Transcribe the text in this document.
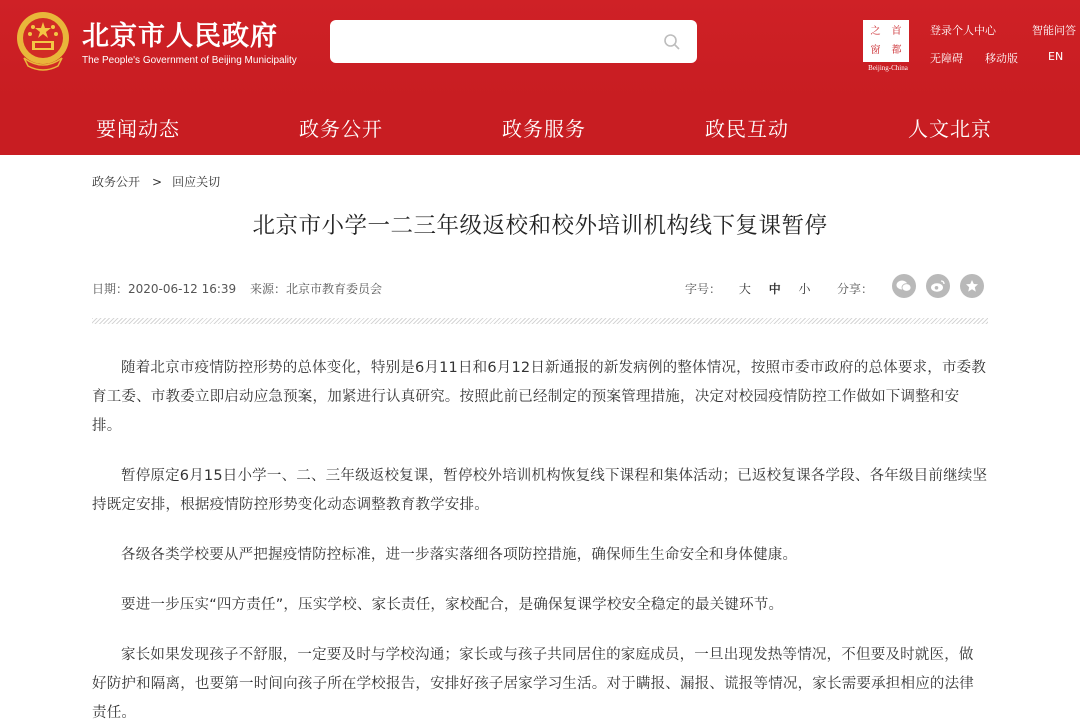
北京市人民政府
The People's Government of Beijing Municipality
之	首
窗	都
Beijing-China
登录个人中心	智能问答
无障碍 移动版	EN
要闻动态	政务公开	政务服务	政民互动	人文北京
政务公开 > 回应关切
北京市小学一二三年级返校和校外培训机构线下复课暂停
日期：2020-06-12 16:39 来源：北京市教育委员会	字号： 大 中 小 分享：

随着北京市疫情防控形势的总体变化，特别是6月11日和6月12日新通报的新发病例的整体情况，按照市委市政府的总体要求，市委教育工委、市教委立即启动应急预案，加紧进行认真研究。按照此前已经制定的预案管理措施，决定对校园疫情防控工作做如下调整和安排。

暂停原定6月15日小学一、二、三年级返校复课，暂停校外培训机构恢复线下课程和集体活动；已返校复课各学段、各年级目前继续坚持既定安排，根据疫情防控形势变化动态调整教育教学安排。

各级各类学校要从严把握疫情防控标准，进一步落实落细各项防控措施，确保师生生命安全和身体健康。

要进一步压实“四方责任”，压实学校、家长责任，家校配合，是确保复课学校安全稳定的最关键环节。

家长如果发现孩子不舒服，一定要及时与学校沟通；家长或与孩子共同居住的家庭成员，一旦出现发热等情况，不但要及时就医，做好防护和隔离，也要第一时间向孩子所在学校报告，安排好孩子居家学习生活。对于瞒报、漏报、谎报等情况，家长需要承担相应的法律责任。
